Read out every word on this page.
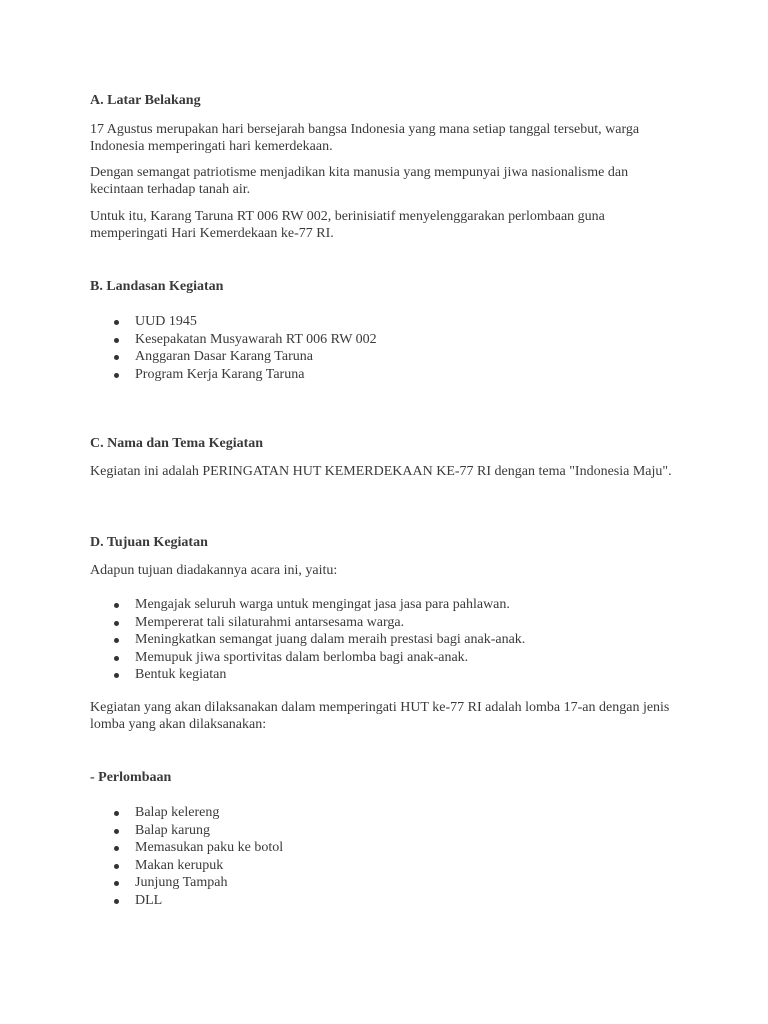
A. Latar Belakang
17 Agustus merupakan hari bersejarah bangsa Indonesia yang mana setiap tanggal tersebut, warga Indonesia memperingati hari kemerdekaan.
Dengan semangat patriotisme menjadikan kita manusia yang mempunyai jiwa nasionalisme dan kecintaan terhadap tanah air.
Untuk itu, Karang Taruna RT 006 RW 002, berinisiatif menyelenggarakan perlombaan guna memperingati Hari Kemerdekaan ke-77 RI.
B. Landasan Kegiatan
UUD 1945
Kesepakatan Musyawarah RT 006 RW 002
Anggaran Dasar Karang Taruna
Program Kerja Karang Taruna
C. Nama dan Tema Kegiatan
Kegiatan ini adalah PERINGATAN HUT KEMERDEKAAN KE-77 RI dengan tema "Indonesia Maju".
D. Tujuan Kegiatan
Adapun tujuan diadakannya acara ini, yaitu:
Mengajak seluruh warga untuk mengingat jasa jasa para pahlawan.
Mempererat tali silaturahmi antarsesama warga.
Meningkatkan semangat juang dalam meraih prestasi bagi anak-anak.
Memupuk jiwa sportivitas dalam berlomba bagi anak-anak.
Bentuk kegiatan
Kegiatan yang akan dilaksanakan dalam memperingati HUT ke-77 RI adalah lomba 17-an dengan jenis lomba yang akan dilaksanakan:
- Perlombaan
Balap kelereng
Balap karung
Memasukan paku ke botol
Makan kerupuk
Junjung Tampah
DLL
